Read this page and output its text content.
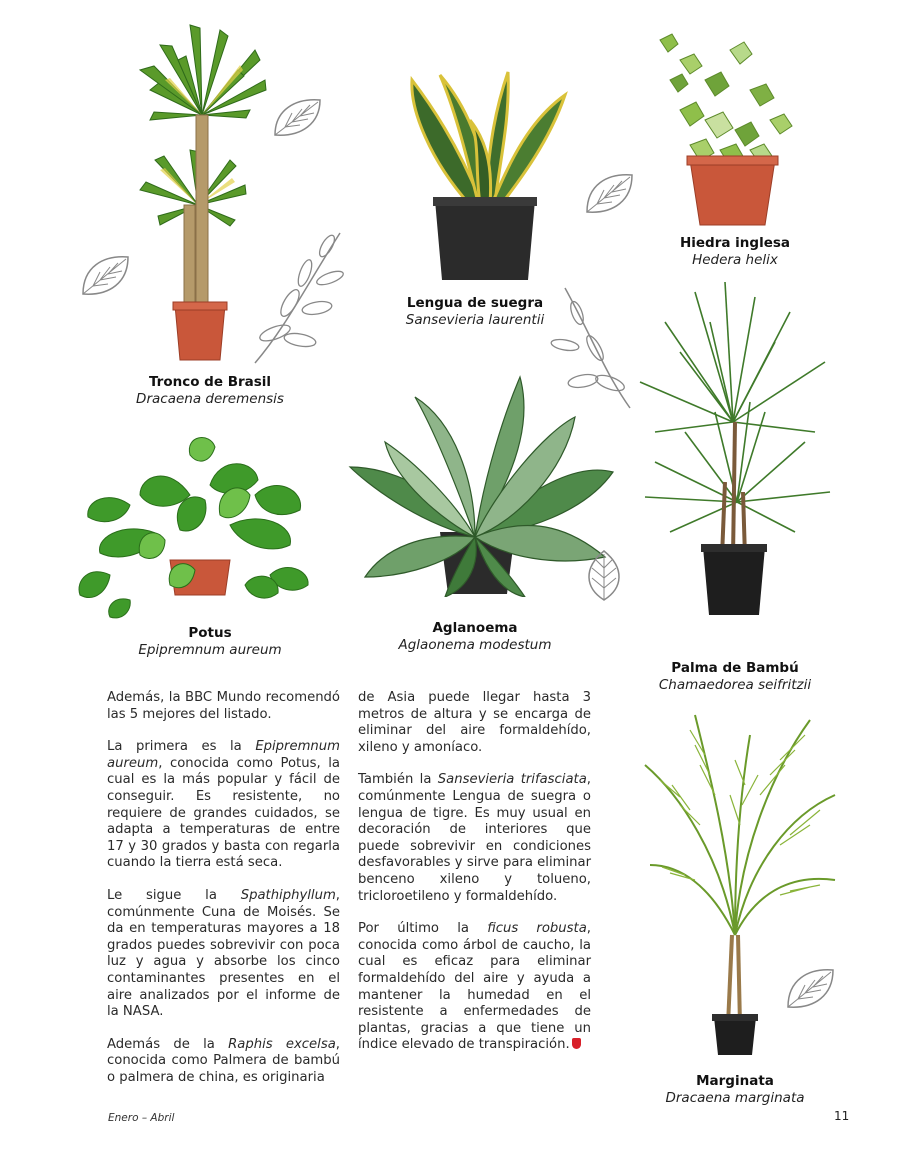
Tronco de Brasil
Dracaena deremensis
Lengua de suegra
Sansevieria laurentii
Hiedra inglesa
Hedera helix
Potus
Epipremnum aureum
Aglanoema
Aglaonema modestum
Palma de Bambú
Chamaedorea seifritzii
Marginata
Dracaena marginata

Además, la BBC Mundo recomendó las 5 mejores del listado.

La primera es la Epipremnum aureum, conocida como Potus, la cual es la más popular y fácil de conseguir. Es resistente, no requiere de grandes cuidados, se adapta a temperaturas de entre 17 y 30 grados y basta con regarla cuando la tierra está seca.

Le sigue la Spathiphyllum, comúnmente Cuna de Moisés. Se da en temperaturas mayores a 18 grados puedes sobrevivir con poca luz y agua y absorbe los cinco contaminantes presentes en el aire analizados por el informe de la NASA.

Además de la Raphis excelsa, conocida como Palmera de bambú o palmera de china, es originaria

de Asia puede llegar hasta 3 metros de altura y se encarga de eliminar del aire formaldehído, xileno y amoníaco.

También la Sansevieria trifasciata, comúnmente Lengua de suegra o lengua de tigre. Es muy usual en decoración de interiores que puede sobrevivir en condiciones desfavorables y sirve para eliminar benceno xileno y tolueno, tricloroetileno y formaldehído.

Por último la ficus robusta, conocida como árbol de caucho, la cual es eficaz para eliminar formaldehído del aire y ayuda a mantener la humedad en el resistente a enfermedades de plantas, gracias a que tiene un índice elevado de transpiración.

Enero – Abril	11
